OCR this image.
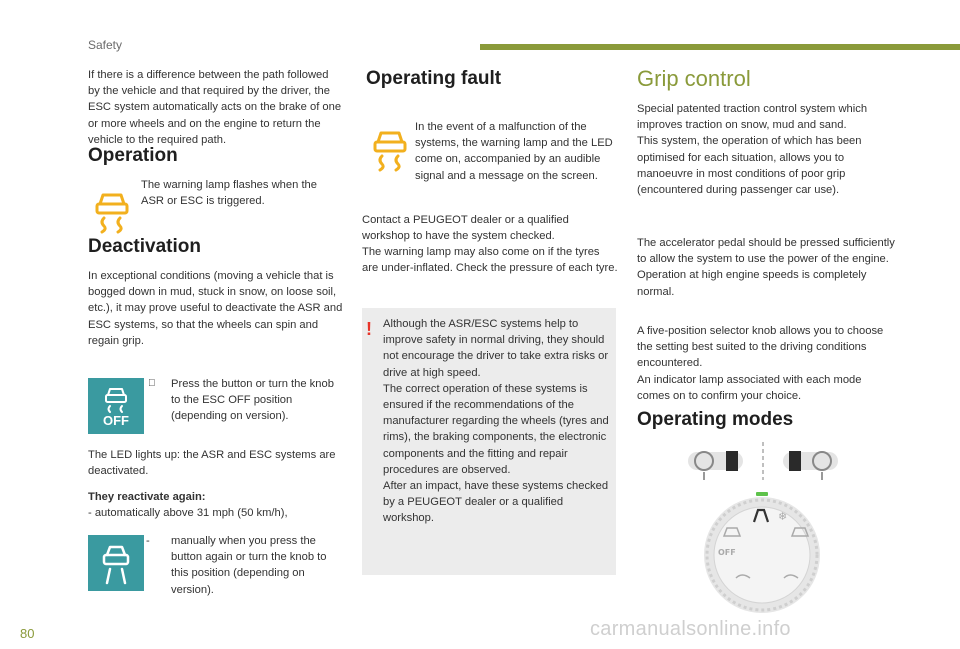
Safety
If there is a difference between the path followed by the vehicle and that required by the driver, the ESC system automatically acts on the brake of one or more wheels and on the engine to return the vehicle to the required path.
Operation
The warning lamp flashes when the ASR or ESC is triggered.
Deactivation
In exceptional conditions (moving a vehicle that is bogged down in mud, stuck in snow, on loose soil, etc.), it may prove useful to deactivate the ASR and ESC systems, so that the wheels can spin and regain grip.
OFF
Press the button or turn the knob to the ESC OFF position (depending on version).
The LED lights up: the ASR and ESC systems are deactivated.
They reactivate again:
- automatically above 31 mph (50 km/h),
- manually when you press the button again or turn the knob to this position (depending on version).
Operating fault
In the event of a malfunction of the systems, the warning lamp and the LED come on, accompanied by an audible signal and a message on the screen.
Contact a PEUGEOT dealer or a qualified workshop to have the system checked.
The warning lamp may also come on if the tyres are under-inflated. Check the pressure of each tyre.
! Although the ASR/ESC systems help to improve safety in normal driving, they should not encourage the driver to take extra risks or drive at high speed.
The correct operation of these systems is ensured if the recommendations of the manufacturer regarding the wheels (tyres and rims), the braking components, the electronic components and the fitting and repair procedures are observed.
After an impact, have these systems checked by a PEUGEOT dealer or a qualified workshop.
Grip control
Special patented traction control system which improves traction on snow, mud and sand.
This system, the operation of which has been optimised for each situation, allows you to manoeuvre in most conditions of poor grip (encountered during passenger car use).
The accelerator pedal should be pressed sufficiently to allow the system to use the power of the engine. Operation at high engine speeds is completely normal.
A five-position selector knob allows you to choose the setting best suited to the driving conditions encountered.
An indicator lamp associated with each mode comes on to confirm your choice.
Operating modes
❄
OFF
80	carmanualsonline.info
